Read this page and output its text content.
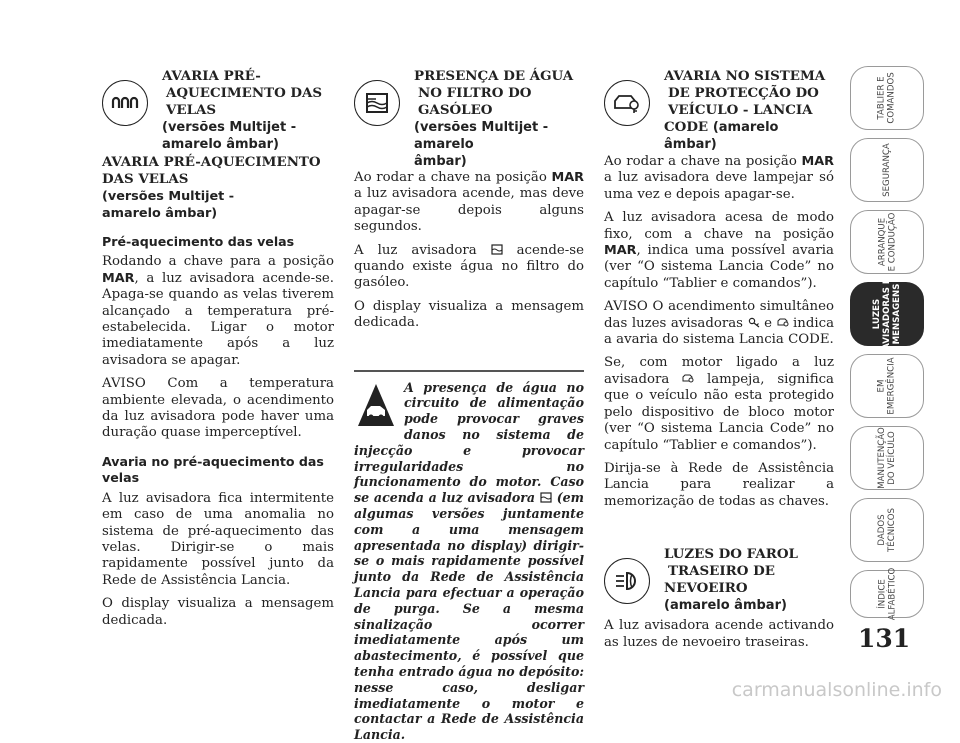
AVARIA PRÉ-
AQUECIMENTO DAS
VELAS
(versões Multijet -
amarelo âmbar)

AVARIA PRÉ-AQUECIMENTO
DAS VELAS
(versões Multijet -
amarelo âmbar)

Pré-aquecimento das velas

Rodando a chave para a posição MAR, a luz avisadora acende-se. Apaga-se quando as velas tiverem alcançado a temperatura pré-estabelecida. Ligar o motor imediatamente após a luz avisadora se apagar.

AVISO Com a temperatura ambiente elevada, o acendimento da luz avisadora pode haver uma duração quase imperceptível.

Avaria no pré-aquecimento das
velas

A luz avisadora fica intermitente em caso de uma anomalia no sistema de pré-aquecimento das velas. Dirigir-se o mais rapidamente possível junto da Rede de Assistência Lancia.

O display visualiza a mensagem dedicada.

PRESENÇA DE ÁGUA
NO FILTRO DO
GASÓLEO
(versões Multijet - amarelo
âmbar)

Ao rodar a chave na posição MAR a luz avisadora acende, mas deve apagar-se depois alguns segundos.

A luz avisadora  acende-se quando existe água no filtro do gasóleo.

O display visualiza a mensagem dedicada.

A presença de água no circuito de alimentação pode provocar graves danos no sistema de injecção e provocar irregularidades no funcionamento do motor. Caso se acenda a luz avisadora  (em algumas versões juntamente com a uma mensagem apresentada no display) dirigir-se o mais rapidamente possível junto da Rede de Assistência Lancia para efectuar a operação de purga. Se a mesma sinalização ocorrer imediatamente após um abastecimento, é possível que tenha entrado água no depósito: nesse caso, desligar imediatamente o motor e contactar a Rede de Assistência Lancia.
AVARIA NO SISTEMA
DE PROTECÇÃO DO
VEÍCULO - LANCIA
CODE (amarelo âmbar)

Ao rodar a chave na posição MAR a luz avisadora deve lampejar só uma vez e depois apagar-se.

A luz avisadora acesa de modo fixo, com a chave na posição MAR, indica uma possível avaria (ver “O sistema Lancia Code” no capítulo “Tablier e comandos”).

AVISO O acendimento simultâneo das luzes avisadoras  e  indica a avaria do sistema Lancia CODE.

Se, com motor ligado a luz avisadora  lampeja, significa que o veículo não esta protegido pelo dispositivo de bloco motor (ver “O sistema Lancia Code” no capítulo “Tablier e comandos”).

Dirija-se à Rede de Assistência Lancia para realizar a memorização de todas as chaves.

LUZES DO FAROL
TRASEIRO DE
NEVOEIRO
(amarelo âmbar)

A luz avisadora acende activando as luzes de nevoeiro traseiras.

TABLIER E
COMANDOS
SEGURANÇA
ARRANQUE
E CONDUÇÃO
LUZES
AVISADORAS E
MENSAGENS
EM
EMERGÊNCIA
MANUTENÇÃO
DO VEÍCULO
DADOS
TÉCNICOS
ÍNDICE
ALFABÉTICO
131
carmanualsonline.info
